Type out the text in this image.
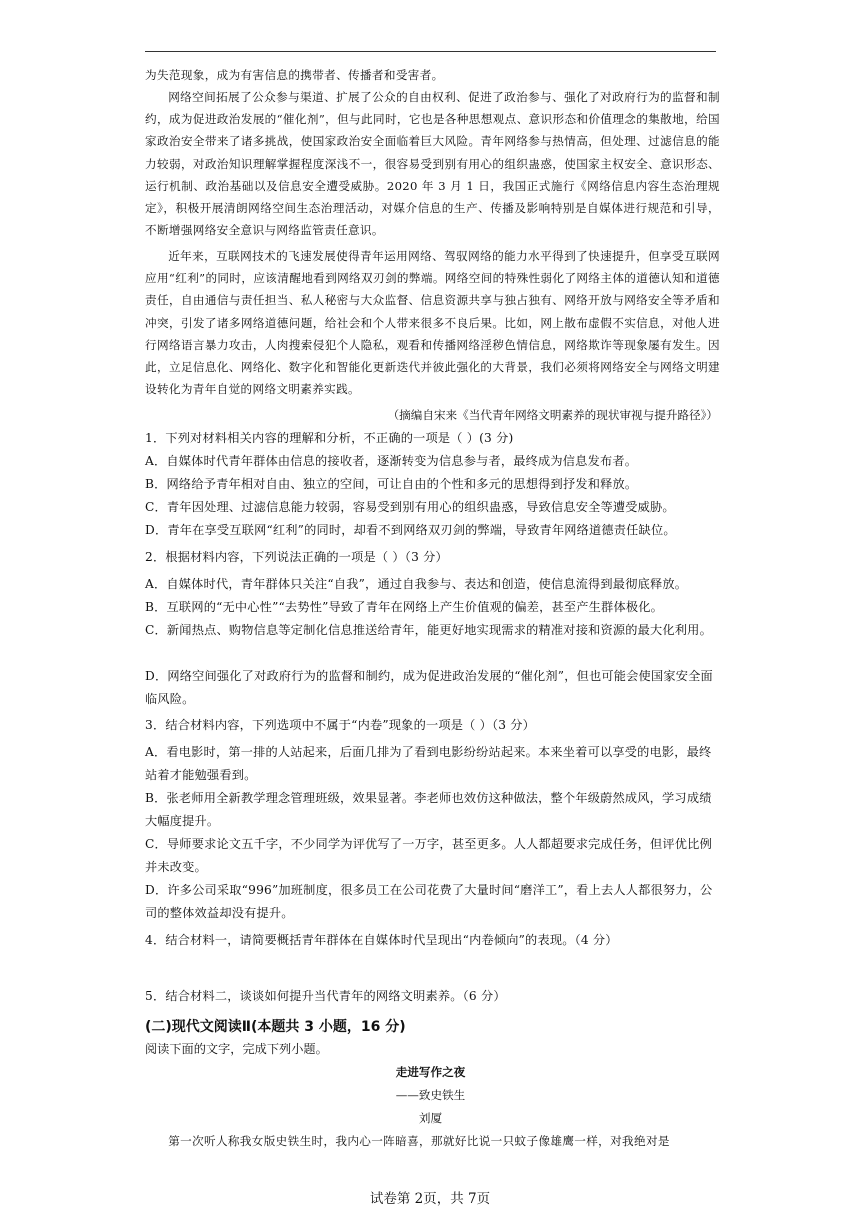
为失范现象，成为有害信息的携带者、传播者和受害者。

网络空间拓展了公众参与渠道、扩展了公众的自由权利、促进了政治参与、强化了对政府行为的监督和制约，成为促进政治发展的“催化剂”，但与此同时，它也是各种思想观点、意识形态和价值理念的集散地，给国家政治安全带来了诸多挑战，使国家政治安全面临着巨大风险。青年网络参与热情高，但处理、过滤信息的能力较弱，对政治知识理解掌握程度深浅不一，很容易受到别有用心的组织蛊惑，使国家主权安全、意识形态、运行机制、政治基础以及信息安全遭受威胁。2020 年 3 月 1 日，我国正式施行《网络信息内容生态治理规定》，积极开展清朗网络空间生态治理活动，对媒介信息的生产、传播及影响特别是自媒体进行规范和引导，不断增强网络安全意识与网络监管责任意识。

近年来，互联网技术的飞速发展使得青年运用网络、驾驭网络的能力水平得到了快速提升，但享受互联网应用“红利”的同时，应该清醒地看到网络双刃剑的弊端。网络空间的特殊性弱化了网络主体的道德认知和道德责任，自由通信与责任担当、私人秘密与大众监督、信息资源共享与独占独有、网络开放与网络安全等矛盾和冲突，引发了诸多网络道德问题，给社会和个人带来很多不良后果。比如，网上散布虚假不实信息，对他人进行网络语言暴力攻击，人肉搜索侵犯个人隐私，观看和传播网络淫秽色情信息，网络欺诈等现象屡有发生。因此，立足信息化、网络化、数字化和智能化更新迭代并彼此强化的大背景，我们必须将网络安全与网络文明建设转化为青年自觉的网络文明素养实践。

（摘编自宋来《当代青年网络文明素养的现状审视与提升路径》）

1．下列对材料相关内容的理解和分析，不正确的一项是（ ）(3 分)

A．自媒体时代青年群体由信息的接收者，逐渐转变为信息参与者，最终成为信息发布者。

B．网络给予青年相对自由、独立的空间，可让自由的个性和多元的思想得到抒发和释放。

C．青年因处理、过滤信息能力较弱，容易受到别有用心的组织蛊惑，导致信息安全等遭受威胁。

D．青年在享受互联网“红利”的同时，却看不到网络双刃剑的弊端，导致青年网络道德责任缺位。

2．根据材料内容，下列说法正确的一项是（ ）（3 分）

A．自媒体时代，青年群体只关注“自我”，通过自我参与、表达和创造，使信息流得到最彻底释放。

B．互联网的“无中心性”“去势性”导致了青年在网络上产生价值观的偏差，甚至产生群体极化。

C．新闻热点、购物信息等定制化信息推送给青年，能更好地实现需求的精准对接和资源的最大化利用。

D．网络空间强化了对政府行为的监督和制约，成为促进政治发展的“催化剂”，但也可能会使国家安全面临风险。

3．结合材料内容，下列选项中不属于“内卷”现象的一项是（ ）（3 分）

A．看电影时，第一排的人站起来，后面几排为了看到电影纷纷站起来。本来坐着可以享受的电影，最终站着才能勉强看到。

B．张老师用全新教学理念管理班级，效果显著。李老师也效仿这种做法，整个年级蔚然成风，学习成绩大幅度提升。

C．导师要求论文五千字，不少同学为评优写了一万字，甚至更多。人人都超要求完成任务，但评优比例并未改变。

D．许多公司采取“996”加班制度，很多员工在公司花费了大量时间“磨洋工”，看上去人人都很努力，公司的整体效益却没有提升。

4．结合材料一，请简要概括青年群体在自媒体时代呈现出“内卷倾向”的表现。（4 分）

5．结合材料二，谈谈如何提升当代青年的网络文明素养。（6 分）

(二)现代文阅读Ⅱ(本题共 3 小题，16 分)

阅读下面的文字，完成下列小题。

走进写作之夜

——致史铁生

刘厦

第一次听人称我女版史铁生时，我内心一阵暗喜，那就好比说一只蚊子像雄鹰一样，对我绝对是

试卷第 2页，共 7页
